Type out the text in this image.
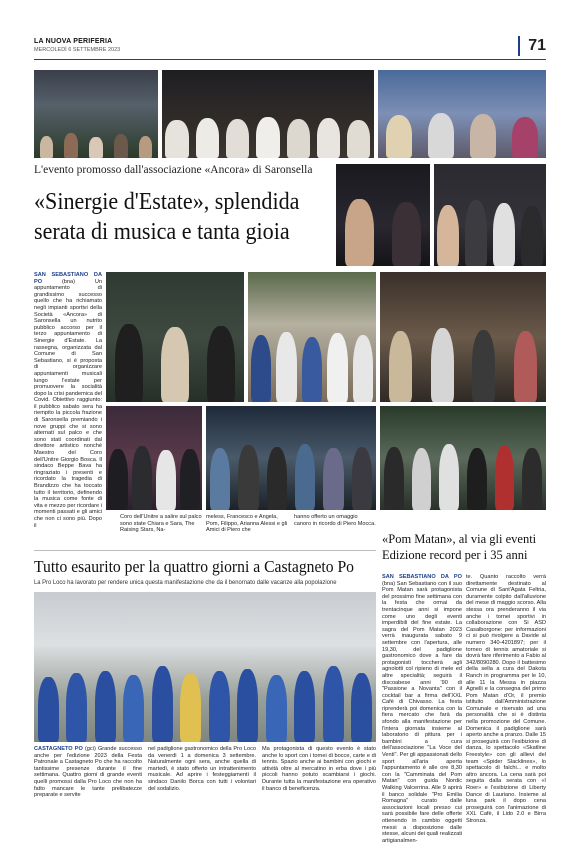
LA NUOVA PERIFERIA
MERCOLEDÌ 6 SETTEMBRE 2023	71
L'evento promosso dall'associazione «Ancora» di Saronsella
«Sinergie d'Estate», splendida
serata di musica e tanta gioia
SAN SEBASTIANO DA PO	(bna)	Un appuntamento di grandissimo successo quello che ha richiamato negli impianti sportivi della Società «Ancora» di Saronsella un nutrito pubblico accorso per il terzo appuntamento di Sinergie d'Estate. La rassegna, organizzata dal Comune di San Sebastiano, si è proposta di organizzare appuntamenti musicali lungo l'estate per promuovere la socialità dopo la crisi pandemica del Covid. Obiettivo raggiunto: il pubblico sabato sera ha riempito la piccola frazione di Saronsella premiando i nove gruppi che si sono alternati sul palco e che sono stati coordinati dal direttore artistico nonché Maestro del Coro dell'Unitre Giorgio Bosca. Il sindaco Beppe Bava ha ringraziato i presenti e ricordato la tragedia di Brandizzo che ha toccato tutto il territorio, definendo la musica come fonte di vita e mezzo per ricordare i momenti passati e gli amici che non ci sono più. Dopo il
Coro dell'Unitre a salire sul palco sono state Chiara e Sara, The Raising Stars, Na-
meless, Francesco e Angela, Pom, Filippo, Arianna Alessi e gli Amici di Piero che
hanno offerto un omaggio canoro in ricordo di Piero Mocca.
Tutto esaurito per la quattro giorni a Castagneto Po
La Pro Loco ha lavorato per rendere unica questa manifestazione che da il benornato dalle vacanze alla popolazione
CASTAGNETO PO (gci) Grande successo anche per l'edizione 2023 della Festa Patronale a Castagneto Po che ha raccolto tantissime presenze durante il fine settimana. Quattro giorni di grande eventi quelli promossi dalla Pro Loco che non ha fatto mancare le tante prelibatezze preparate e servite
nel padiglione gastronomico della Pro Loco da venerdì 1 a domenica 3 settembre. Naturalmente ogni sera, anche quella di martedì, è stato offerto un intrattenimento musicale. Ad aprire i festeggiamenti il sindaco Danilo Borca con tutti i volontari del sodalizio.
Ma protagonista di questo evento è stato anche lo sport con i tornei di bocce, carte e di tennis. Spazio anche ai bambini con giochi e attività oltre al mercatino in erba dove i più piccoli hanno potuto scambiarsi i giochi. Durante tutta la manifestazione era operativo il banco di beneficenza.
«Pom Matan», al via gli eventi
Edizione record per i 35 anni
SAN SEBASTIANO DA PO (bna) San Sebastiano con il suo Pom Matan sarà protagonista del prossimo fine settimana con la festa che ormai da trentacinque anni si impone come uno degli eventi imperdibili del fine estate. La sagra del Pom Matan 2023 verrà inaugurata sabato 9 settembre con l'apertura, alle 19,30, del padiglione gastronomico dove a fare da protagonisti toccherà agli agnolotti col ripieno di mele ed altre specialità; seguirà il discoabese anni '90 di "Passione a Novanta" con il cocktail bar a firma dell'XXL Cafè di Chivasso. La festa riprenderà poi domenica con la fiera mercato che farà da sfondo alla manifestazione per l'intera giornata insieme al laboratorio di pittura per i bambini a cura dell'associazione "La Voce del Venti". Per gli appassionati dello sport all'aria aperta l'appuntamento è alle ore 8,30 con la "Camminata del Pom Matan" con guida Nordic Walking Valcerrina. Alle 9 aprirà il banco solidale "Pro Emilia Romagna" curato dalle associazioni locali presso cui sarà possibile fare delle offerte ottenendo in cambio oggetti messi a disposizione dalle stesse, alcuni dei quali realizzati artigianalmen-
te. Quanto raccolto verrà direttamente destinato al Comune di Sant'Agata Feltria, duramente colpito dall'alluvione del mese di maggio scorso. Alla stessa ora prenderanno il via anche i tornei sportivi in collaborazione con Si ASD Casalborgone: per informazioni ci si può rivolgere a Davide al numero 340-4201897; per il torneo di tennis amatoriale si dovrà fare riferimento a Fabio al 342/8090280. Dopo il battesimo della sella a cura del Dakota Ranch in programma per le 10, alle 11 la Messa in piazza Agnelli e la consegna del primo Pom Matan d'Or, il premio istituito dall'Amministrazione Comunale e riservato ad una personalità che si è distinta nella promozione del Comune. Domenica il padiglione sarà aperto anche a pranzo. Dalle 15 si proseguirà con l'esibizione di danza, lo spettacolo «Skatline Freestyle» con gli allievi del team «Spider Slacklines», lo spettacolo di falchi... e molto altro ancora. La cena sarà poi seguita dalla serata con «I Roer» e l'esibizione di Liberty Dance di Lauriano. Insieme al luna park il dopo cena proseguirà con l'animazione di XXL Cafè, il Lido 2.0 e Birra Stronza.
